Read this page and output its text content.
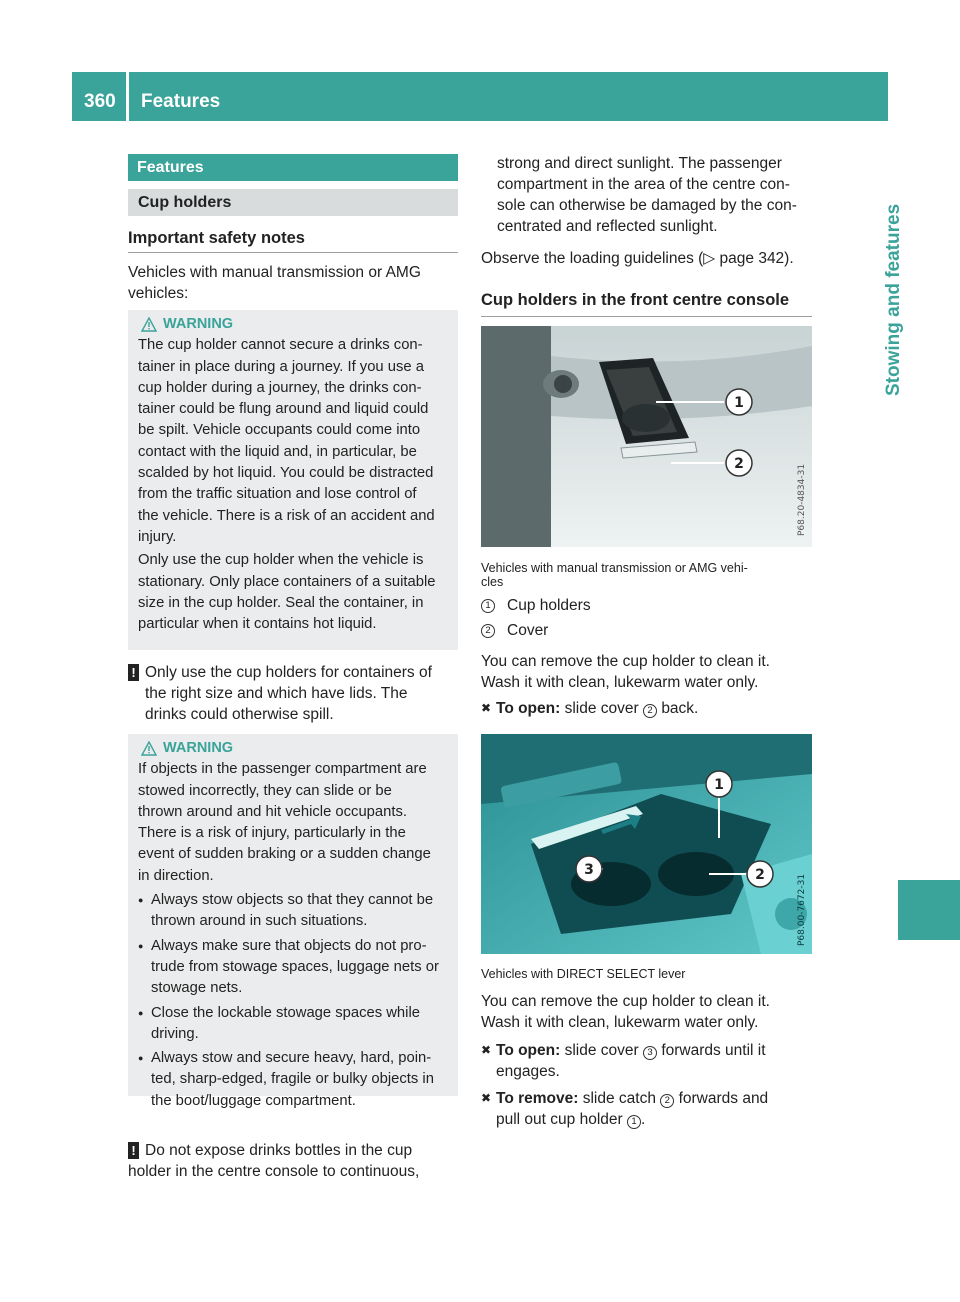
360	Features
Stowing and features
Features
Cup holders
Important safety notes
Vehicles with manual transmission or AMG
vehicles:
WARNING
The cup holder cannot secure a drinks con-
tainer in place during a journey. If you use a
cup holder during a journey, the drinks con-
tainer could be flung around and liquid could
be spilt. Vehicle occupants could come into
contact with the liquid and, in particular, be
scalded by hot liquid. You could be distracted
from the traffic situation and lose control of
the vehicle. There is a risk of an accident and
injury.
Only use the cup holder when the vehicle is
stationary. Only place containers of a suitable
size in the cup holder. Seal the container, in
particular when it contains hot liquid.
! Only use the cup holders for containers of
the right size and which have lids. The
drinks could otherwise spill.
WARNING
If objects in the passenger compartment are
stowed incorrectly, they can slide or be
thrown around and hit vehicle occupants.
There is a risk of injury, particularly in the
event of sudden braking or a sudden change
in direction.
● Always stow objects so that they cannot be
thrown around in such situations.
● Always make sure that objects do not pro-
trude from stowage spaces, luggage nets or
stowage nets.
● Close the lockable stowage spaces while
driving.
● Always stow and secure heavy, hard, poin-
ted, sharp-edged, fragile or bulky objects in
the boot/luggage compartment.
! Do not expose drinks bottles in the cup
holder in the centre console to continuous,
strong and direct sunlight. The passenger
compartment in the area of the centre con-
sole can otherwise be damaged by the con-
centrated and reflected sunlight.
Observe the loading guidelines (▷ page 342).
Cup holders in the front centre console
1
2	P68.20-4834-31
Vehicles with manual transmission or AMG vehi-
cles
1 Cup holders
2 Cover
You can remove the cup holder to clean it.
Wash it with clean, lukewarm water only.
✖ To open: slide cover 2 back.
1
2
3
P68.00-7672-31
Vehicles with DIRECT SELECT lever
You can remove the cup holder to clean it.
Wash it with clean, lukewarm water only.
✖ To open: slide cover 3 forwards until it
engages.
✖ To remove: slide catch 2 forwards and
pull out cup holder 1 .
